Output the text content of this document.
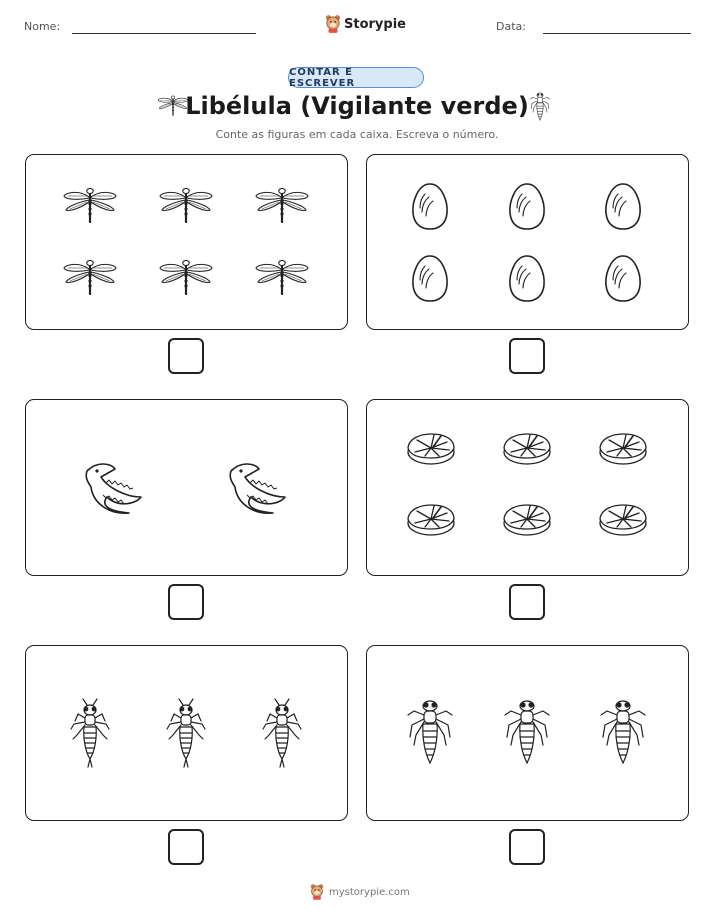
Nome:	Storypie	Data:
CONTAR E ESCREVER
Libélula (Vigilante verde)
Conte as figuras em cada caixa. Escreva o número.
mystorypie.com
